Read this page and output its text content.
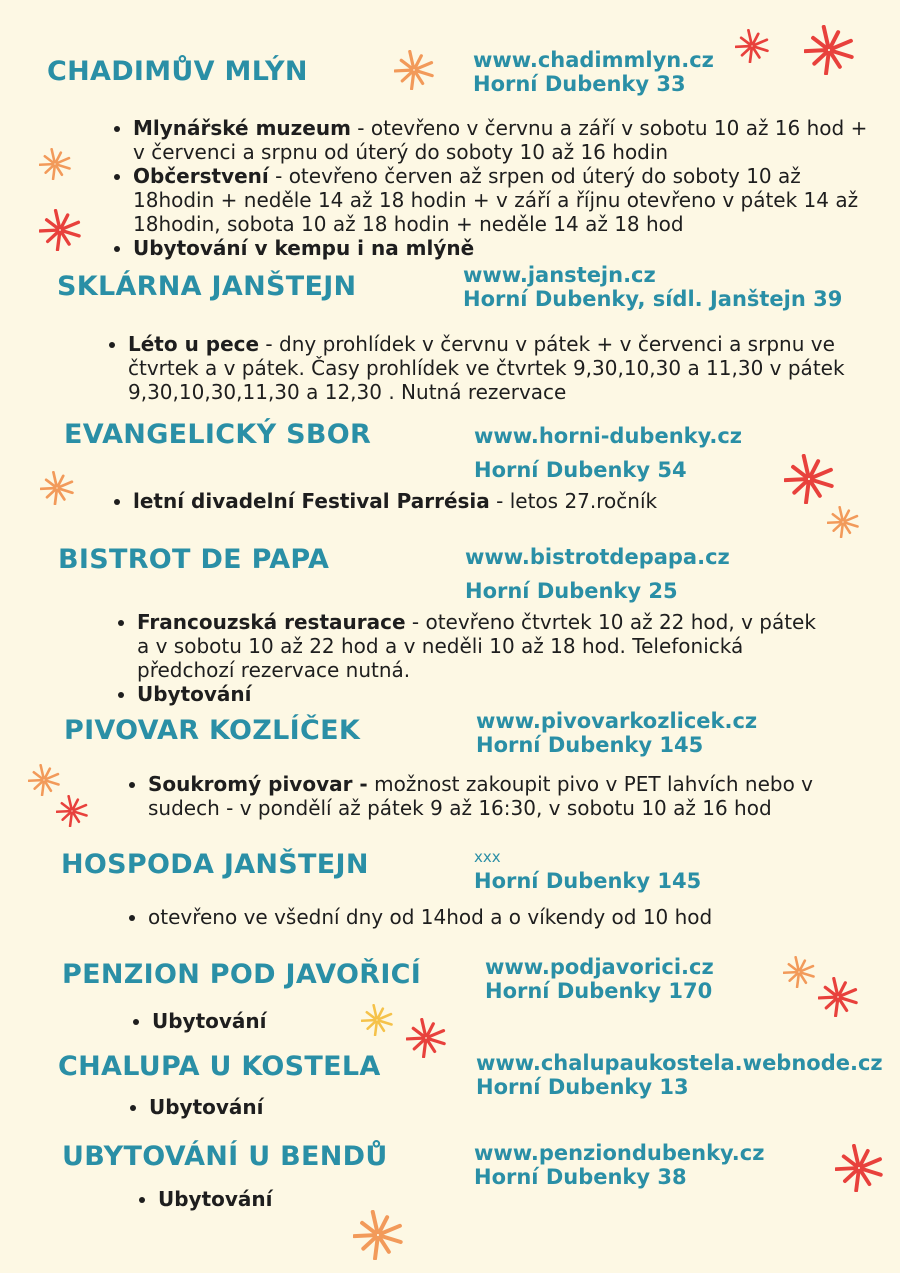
CHADIMŮV MLÝN	www.chadimmlyn.cz
Horní Dubenky 33
• Mlynářské muzeum - otevřeno v červnu a září v sobotu 10 až 16 hod + v červenci a srpnu od úterý do soboty 10 až 16 hodin
• Občerstvení - otevřeno červen až srpen od úterý do soboty 10 až 18hodin + neděle 14 až 18 hodin + v září a říjnu otevřeno v pátek 14 až 18hodin, sobota 10 až 18 hodin + neděle 14 až 18 hod
• Ubytování v kempu i na mlýně
SKLÁRNA JANŠTEJN	www.janstejn.cz
Horní Dubenky, sídl. Janštejn 39
• Léto u pece - dny prohlídek v červnu v pátek + v červenci a srpnu ve čtvrtek a v pátek. Časy prohlídek ve čtvrtek 9,30,10,30 a 11,30 v pátek 9,30,10,30,11,30 a 12,30 . Nutná rezervace
EVANGELICKÝ SBOR	www.horni-dubenky.cz
Horní Dubenky 54
• letní divadelní Festival Parrésia - letos 27.ročník
BISTROT DE PAPA	www.bistrotdepapa.cz
Horní Dubenky 25
• Francouzská restaurace - otevřeno čtvrtek 10 až 22 hod, v pátek a v sobotu 10 až 22 hod a v neděli 10 až 18 hod. Telefonická předchozí rezervace nutná.
• Ubytování
PIVOVAR KOZLÍČEK	www.pivovarkozlicek.cz
Horní Dubenky 145
• Soukromý pivovar - možnost zakoupit pivo v PET lahvích nebo v sudech - v pondělí až pátek 9 až 16:30, v sobotu 10 až 16 hod
HOSPODA JANŠTEJN	xxx
Horní Dubenky 145
• otevřeno ve všední dny od 14hod a o víkendy od 10 hod
PENZION POD JAVOŘICÍ	www.podjavorici.cz
Horní Dubenky 170
• Ubytování
CHALUPA U KOSTELA	www.chalupaukostela.webnode.cz
Horní Dubenky 13
• Ubytování
UBYTOVÁNÍ U BENDŮ	www.penziondubenky.cz
Horní Dubenky 38
• Ubytování
